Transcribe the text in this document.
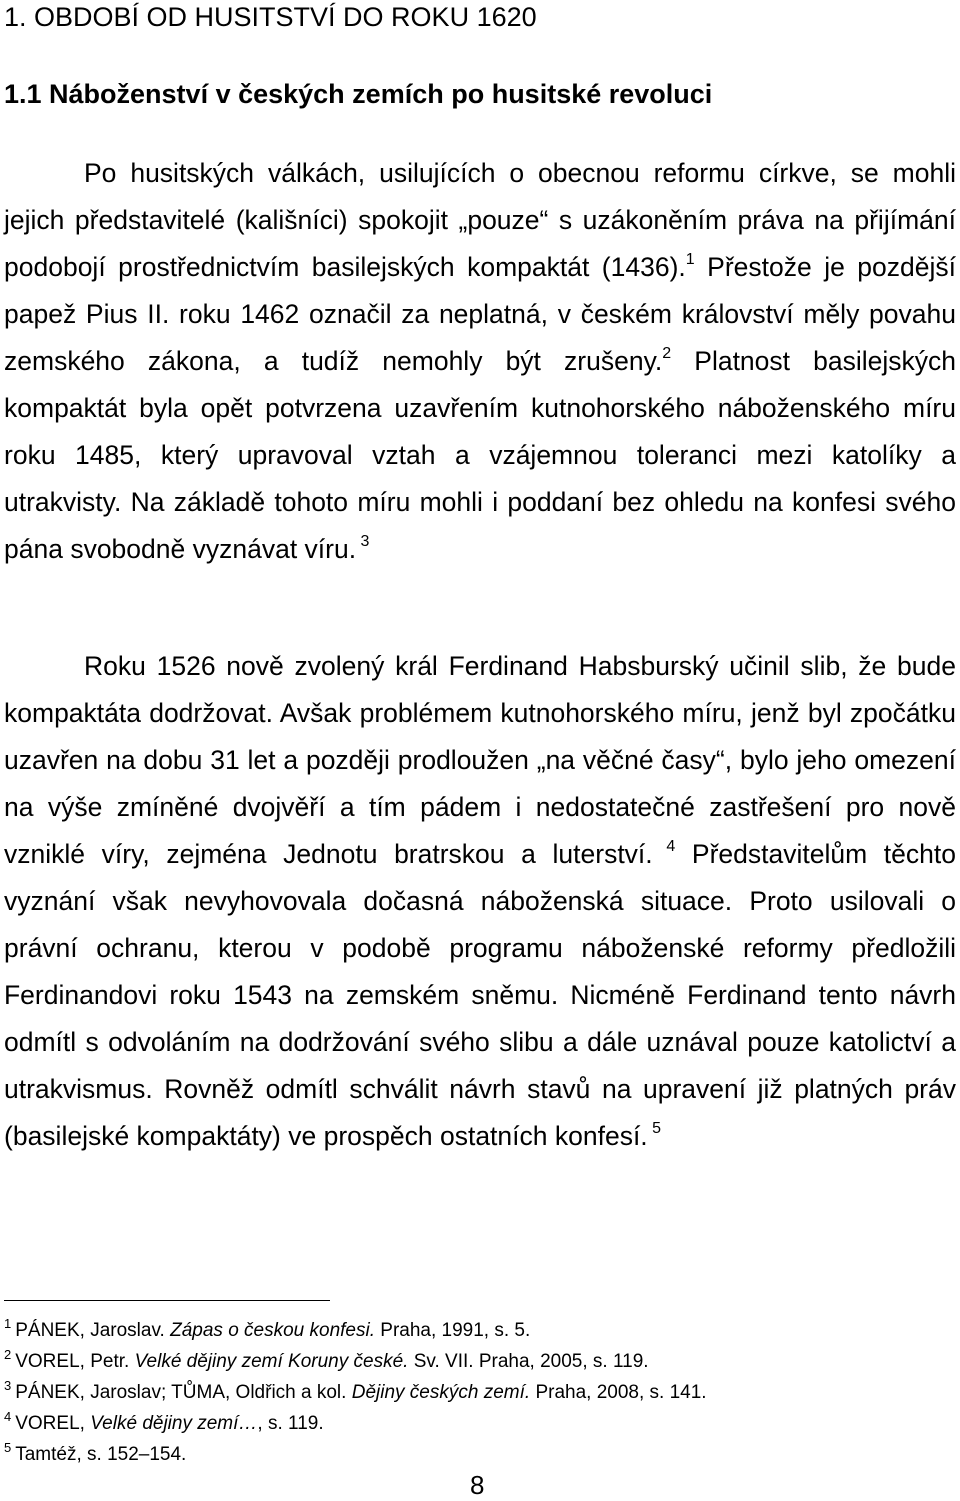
1. OBDOBÍ OD HUSITSTVÍ DO ROKU 1620
1.1 Náboženství v českých zemích po husitské revoluci

Po husitských válkách, usilujících o obecnou reformu církve, se mohli jejich představitelé (kališníci) spokojit „pouze“ s uzákoněním práva na přijímání podobojí prostřednictvím basilejských kompaktát (1436).$^1$ Přestože je pozdější papež Pius II. roku 1462 označil za neplatná, v českém království měly povahu zemského zákona, a tudíž nemohly být zrušeny.$^2$ Platnost basilejských kompaktát byla opět potvrzena uzavřením kutnohorského náboženského míru roku 1485, který upravoval vztah a vzájemnou toleranci mezi katolíky a utrakvisty. Na základě tohoto míru mohli i poddaní bez ohledu na konfesi svého pána svobodně vyznávat víru. $^3$

Roku 1526 nově zvolený král Ferdinand Habsburský učinil slib, že bude kompaktáta dodržovat. Avšak problémem kutnohorského míru, jenž byl zpočátku uzavřen na dobu 31 let a později prodloužen „na věčné časy“, bylo jeho omezení na výše zmíněné dvojvěří a tím pádem i nedostatečné zastřešení pro nově vzniklé víry, zejména Jednotu bratrskou a luterství. $^4$ Představitelům těchto vyznání však nevyhovovala dočasná náboženská situace. Proto usilovali o právní ochranu, kterou v podobě programu náboženské reformy předložili Ferdinandovi roku 1543 na zemském sněmu. Nicméně Ferdinand tento návrh odmítl s odvoláním na dodržování svého slibu a dále uznával pouze katolictví a utrakvismus. Rovněž odmítl schválit návrh stavů na upravení již platných práv (basilejské kompaktáty) ve prospěch ostatních konfesí. $^5$

$^1$ PÁNEK, Jaroslav. Zápas o českou konfesi. Praha, 1991, s. 5.
$^2$ VOREL, Petr. Velké dějiny zemí Koruny české. Sv. VII. Praha, 2005, s. 119.
$^3$ PÁNEK, Jaroslav; TŮMA, Oldřich a kol. Dějiny českých zemí. Praha, 2008, s. 141.
$^4$ VOREL, Velké dějiny zemí…, s. 119.
$^5$ Tamtéž, s. 152–154.
8
